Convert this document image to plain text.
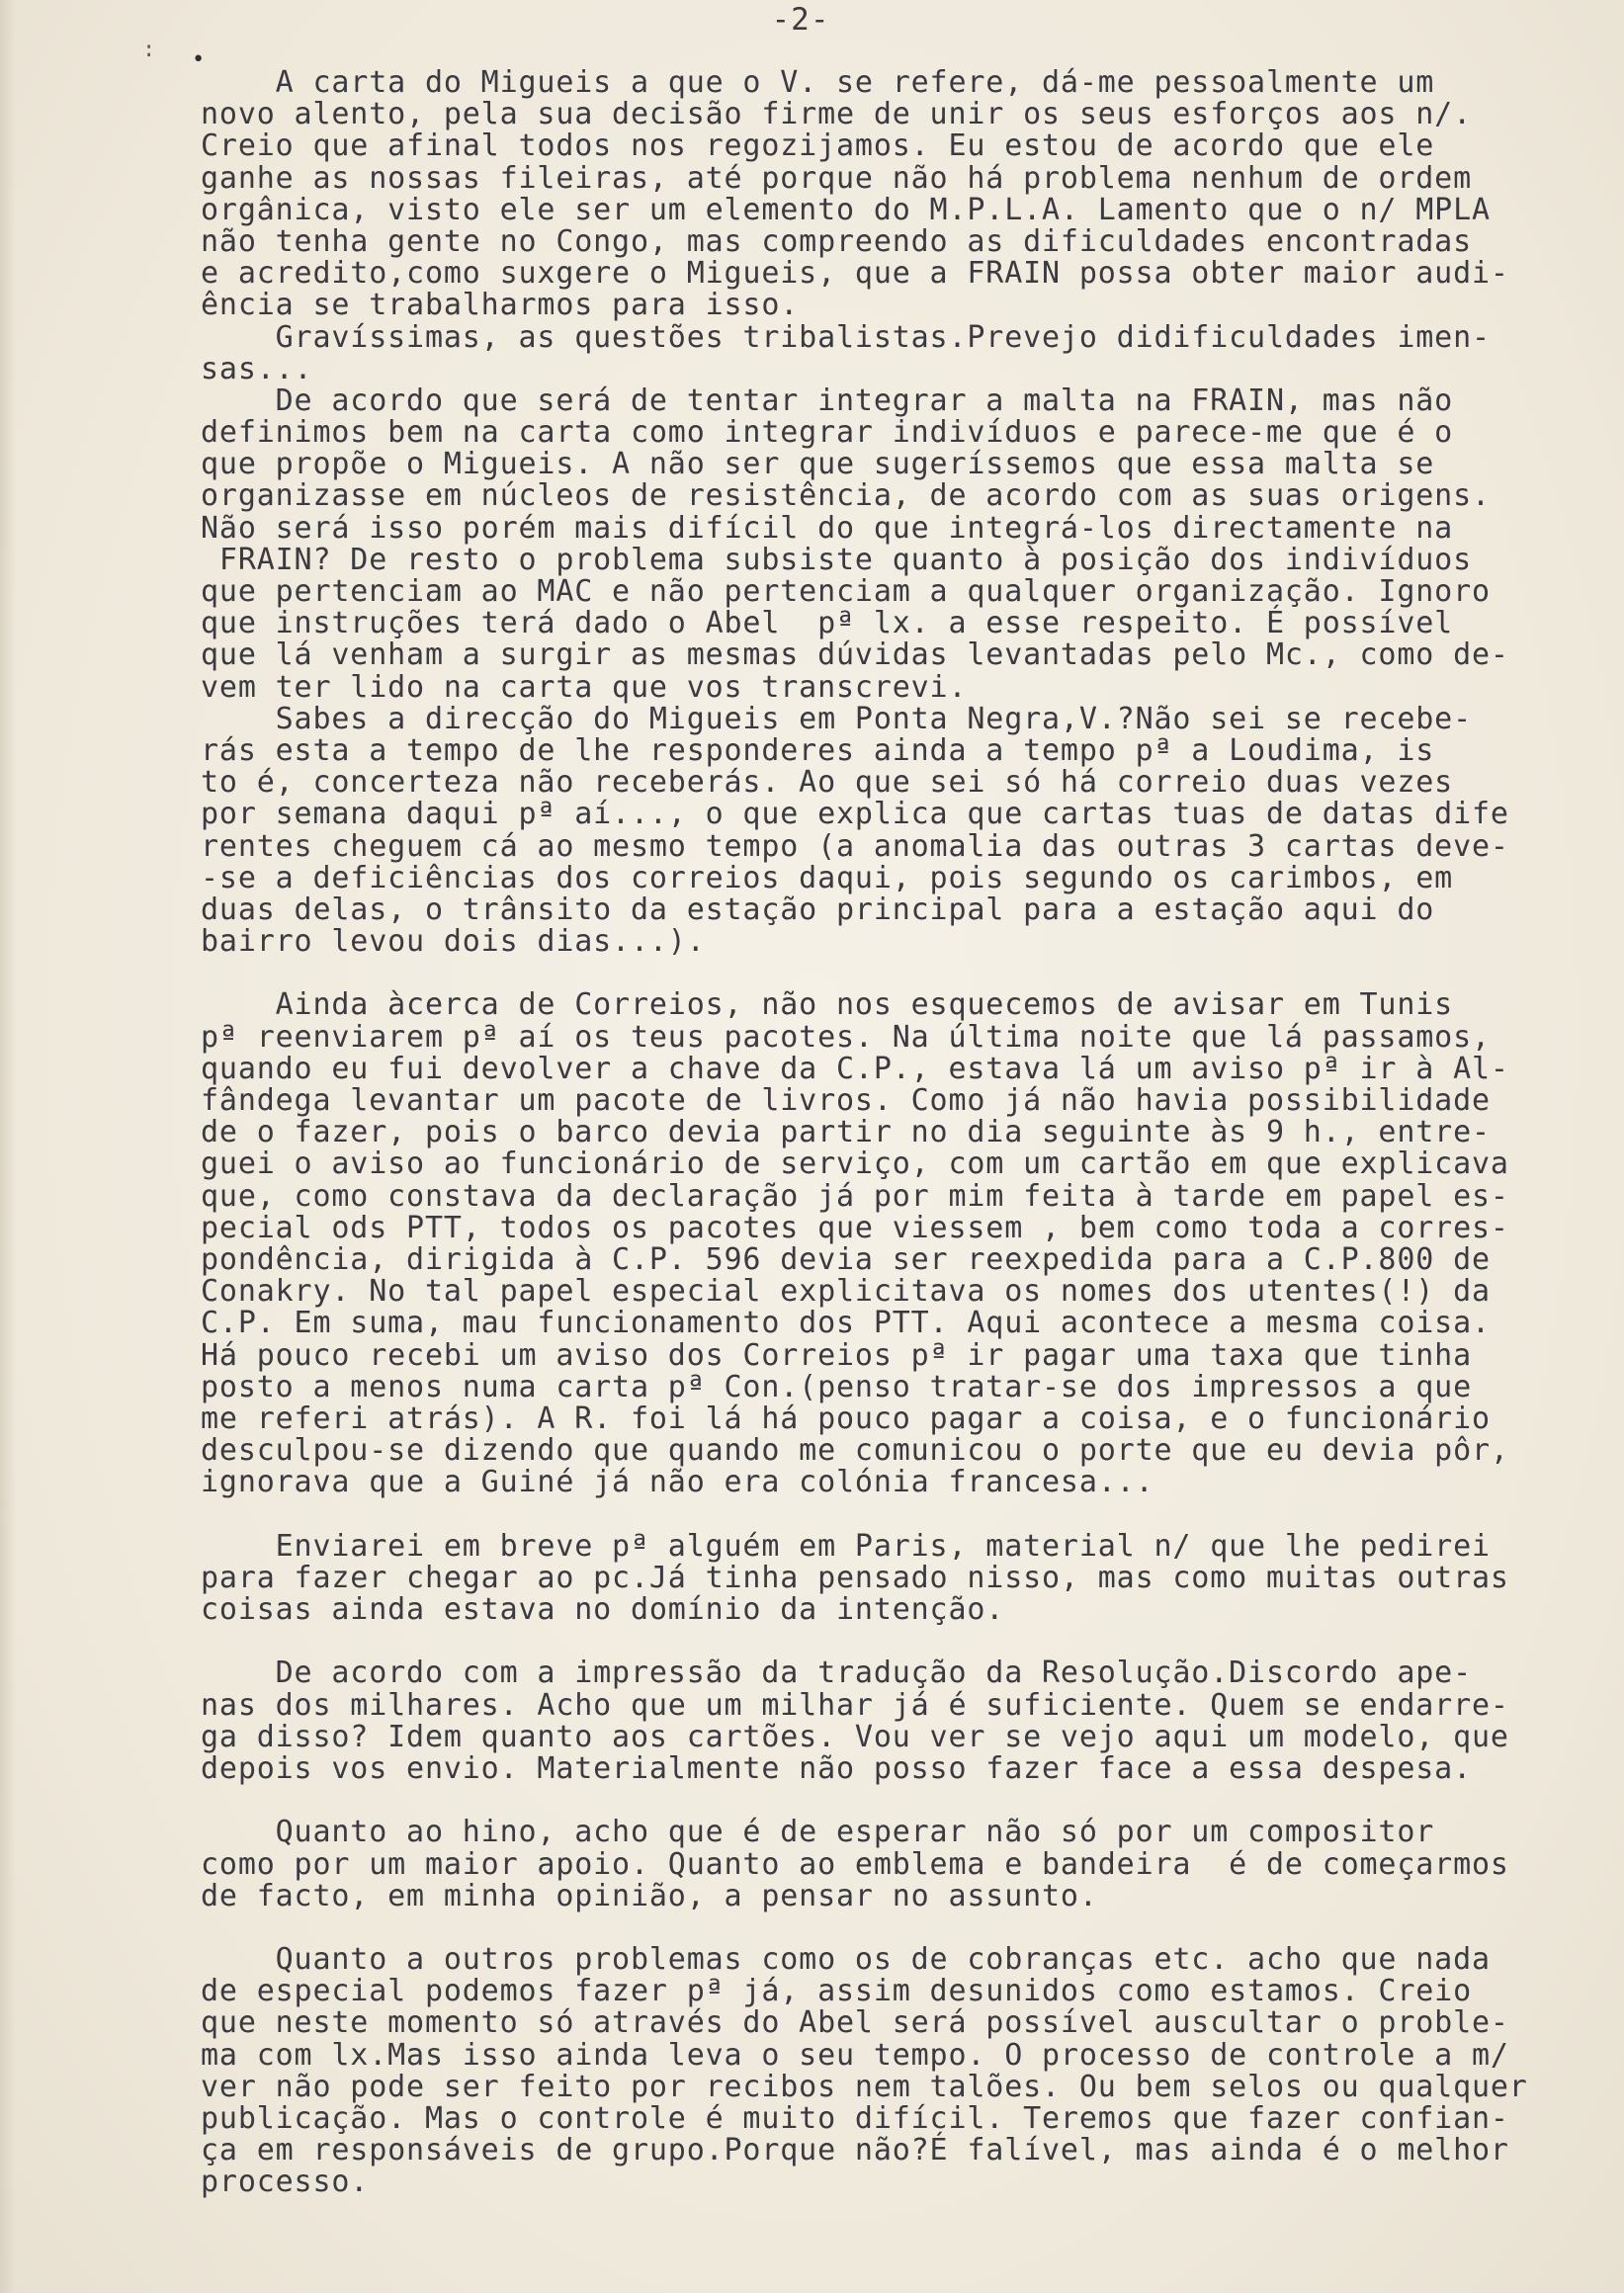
-2-
: •
A carta do Migueis a que o V. se refere, dá-me pessoalmente um
novo alento, pela sua decisão firme de unir os seus esforços aos n/.
Creio que afinal todos nos regozijamos. Eu estou de acordo que ele
ganhe as nossas fileiras, até porque não há problema nenhum de ordem
orgânica, visto ele ser um elemento do M.P.L.A. Lamento que o n/ MPLA
não tenha gente no Congo, mas compreendo as dificuldades encontradas
e acredito,como suxgere o Migueis, que a FRAIN possa obter maior audi-
ência se trabalharmos para isso.
Gravíssimas, as questões tribalistas.Prevejo didificuldades imen-
sas...
De acordo que será de tentar integrar a malta na FRAIN, mas não
definimos bem na carta como integrar indivíduos e parece-me que é o
que propõe o Migueis. A não ser que sugeríssemos que essa malta se
organizasse em núcleos de resistência, de acordo com as suas origens.
Não será isso porém mais difícil do que integrá-los directamente na
FRAIN? De resto o problema subsiste quanto à posição dos indivíduos
que pertenciam ao MAC e não pertenciam a qualquer organização. Ignoro
que instruções terá dado o Abel  pª lx. a esse respeito. É possível
que lá venham a surgir as mesmas dúvidas levantadas pelo Mc., como de-
vem ter lido na carta que vos transcrevi.
Sabes a direcção do Migueis em Ponta Negra,V.?Não sei se recebe-
rás esta a tempo de lhe responderes ainda a tempo pª a Loudima, is
to é, concerteza não receberás. Ao que sei só há correio duas vezes
por semana daqui pª aí..., o que explica que cartas tuas de datas dife
rentes cheguem cá ao mesmo tempo (a anomalia das outras 3 cartas deve-
-se a deficiências dos correios daqui, pois segundo os carimbos, em
duas delas, o trânsito da estação principal para a estação aqui do
bairro levou dois dias...).
Ainda àcerca de Correios, não nos esquecemos de avisar em Tunis
pª reenviarem pª aí os teus pacotes. Na última noite que lá passamos,
quando eu fui devolver a chave da C.P., estava lá um aviso pª ir à Al-
fândega levantar um pacote de livros. Como já não havia possibilidade
de o fazer, pois o barco devia partir no dia seguinte às 9 h., entre-
guei o aviso ao funcionário de serviço, com um cartão em que explicava
que, como constava da declaração já por mim feita à tarde em papel es-
pecial ods PTT, todos os pacotes que viessem , bem como toda a corres-
pondência, dirigida à C.P. 596 devia ser reexpedida para a C.P.800 de
Conakry. No tal papel especial explicitava os nomes dos utentes(!) da
C.P. Em suma, mau funcionamento dos PTT. Aqui acontece a mesma coisa.
Há pouco recebi um aviso dos Correios pª ir pagar uma taxa que tinha
posto a menos numa carta pª Con.(penso tratar-se dos impressos a que
me referi atrás). A R. foi lá há pouco pagar a coisa, e o funcionário
desculpou-se dizendo que quando me comunicou o porte que eu devia pôr,
ignorava que a Guiné já não era colónia francesa...
Enviarei em breve pª alguém em Paris, material n/ que lhe pedirei
para fazer chegar ao pc.Já tinha pensado nisso, mas como muitas outras
coisas ainda estava no domínio da intenção.
De acordo com a impressão da tradução da Resolução.Discordo ape-
nas dos milhares. Acho que um milhar já é suficiente. Quem se endarre-
ga disso? Idem quanto aos cartões. Vou ver se vejo aqui um modelo, que
depois vos envio. Materialmente não posso fazer face a essa despesa.
Quanto ao hino, acho que é de esperar não só por um compositor
como por um maior apoio. Quanto ao emblema e bandeira  é de começarmos
de facto, em minha opinião, a pensar no assunto.
Quanto a outros problemas como os de cobranças etc. acho que nada
de especial podemos fazer pª já, assim desunidos como estamos. Creio
que neste momento só através do Abel será possível auscultar o proble-
ma com lx.Mas isso ainda leva o seu tempo. O processo de controle a m/
ver não pode ser feito por recibos nem talões. Ou bem selos ou qualquer
publicação. Mas o controle é muito difícil. Teremos que fazer confian-
ça em responsáveis de grupo.Porque não?É falível, mas ainda é o melhor
processo.
